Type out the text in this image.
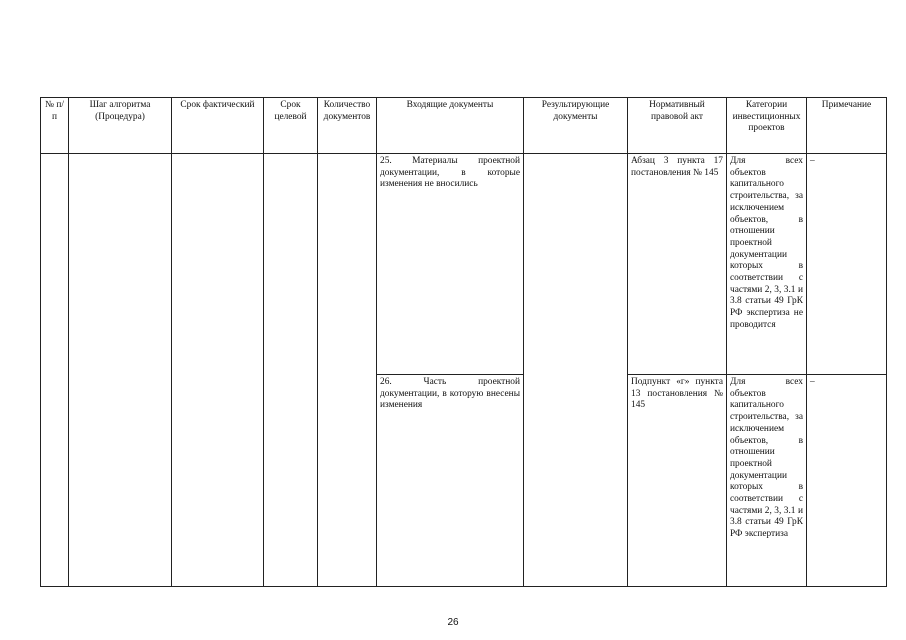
№ п/п	Шаг алгоритма (Процедура)	Срок фактический	Срок целевой	Количество документов	Входящие документы	Результирующие документы	Нормативный правовой акт	Категории инвестиционных проектов	Примечание
					25. Материалы проектной документации, в которые изменения не вносились		Абзац 3 пункта 17 постановления № 145	Для всех объектов капитального строительства, за исключением объектов, в отношении проектной документации которых в соответствии с частями 2, 3, 3.1 и 3.8 статьи 49 ГрК РФ экспертиза не проводится	–
					26. Часть проектной документации, в которую внесены изменения		Подпункт «г» пункта 13 постановления № 145	Для всех объектов капитального строительства, за исключением объектов, в отношении проектной документации которых в соответствии с частями 2, 3, 3.1 и 3.8 статьи 49 ГрК РФ экспертиза	–
26
